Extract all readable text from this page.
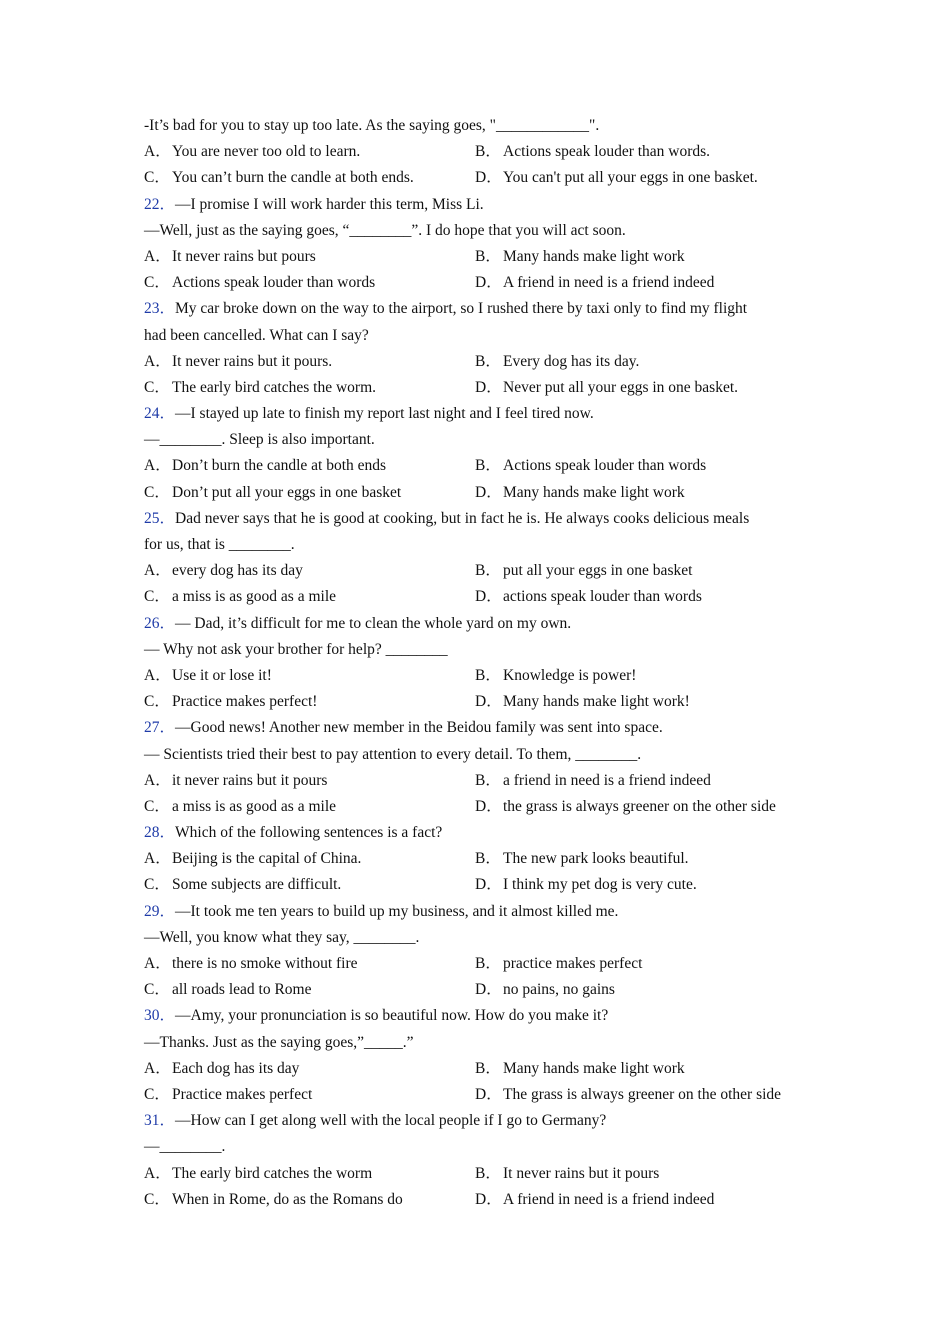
-It’s bad for you to stay up too late. As the saying goes, "____________".
A．You are never too old to learn.	B． Actions speak louder than words.
C． You can’t burn the candle at both ends.	D．You can't put all your eggs in one basket.
22．—I promise I will work harder this term, Miss Li.
—Well, just as the saying goes, “________”. I do hope that you will act soon.
A．It never rains but pours	B． Many hands make light work
C． Actions speak louder than words	D．A friend in need is a friend indeed
23．My car broke down on the way to the airport, so I rushed there by taxi only to find my flight
had been cancelled. What can I say?
A．It never rains but it pours.	B． Every dog has its day.
C． The early bird catches the worm.	D．Never put all your eggs in one basket.
24．—I stayed up late to finish my report last night and I feel tired now.
—________. Sleep is also important.
A．Don’t burn the candle at both ends	B． Actions speak louder than words
C． Don’t put all your eggs in one basket	D．Many hands make light work
25．Dad never says that he is good at cooking, but in fact he is. He always cooks delicious meals
for us, that is ________.
A．every dog has its day	B． put all your eggs in one basket
C． a miss is as good as a mile	D．actions speak louder than words
26．— Dad, it’s difficult for me to clean the whole yard on my own.
— Why not ask your brother for help? ________
A．Use it or lose it!	B． Knowledge is power!
C． Practice makes perfect!	D．Many hands make light work!
27．—Good news! Another new member in the Beidou family was sent into space.
— Scientists tried their best to pay attention to every detail. To them, ________.
A．it never rains but it pours	B． a friend in need is a friend indeed
C． a miss is as good as a mile	D．the grass is always greener on the other side
28．Which of the following sentences is a fact?
A．Beijing is the capital of China.	B． The new park looks beautiful.
C． Some subjects are difficult.	D．I think my pet dog is very cute.
29．—It took me ten years to build up my business, and it almost killed me.
—Well, you know what they say, ________.
A．there is no smoke without fire	B． practice makes perfect
C． all roads lead to Rome	D．no pains, no gains
30．—Amy, your pronunciation is so beautiful now. How do you make it?
—Thanks. Just as the saying goes,”_____.”
A．Each dog has its day	B． Many hands make light work
C． Practice makes perfect	D．The grass is always greener on the other side
31．—How can I get along well with the local people if I go to Germany?
—________.
A．The early bird catches the worm	B． It never rains but it pours
C． When in Rome, do as the Romans do	D．A friend in need is a friend indeed
